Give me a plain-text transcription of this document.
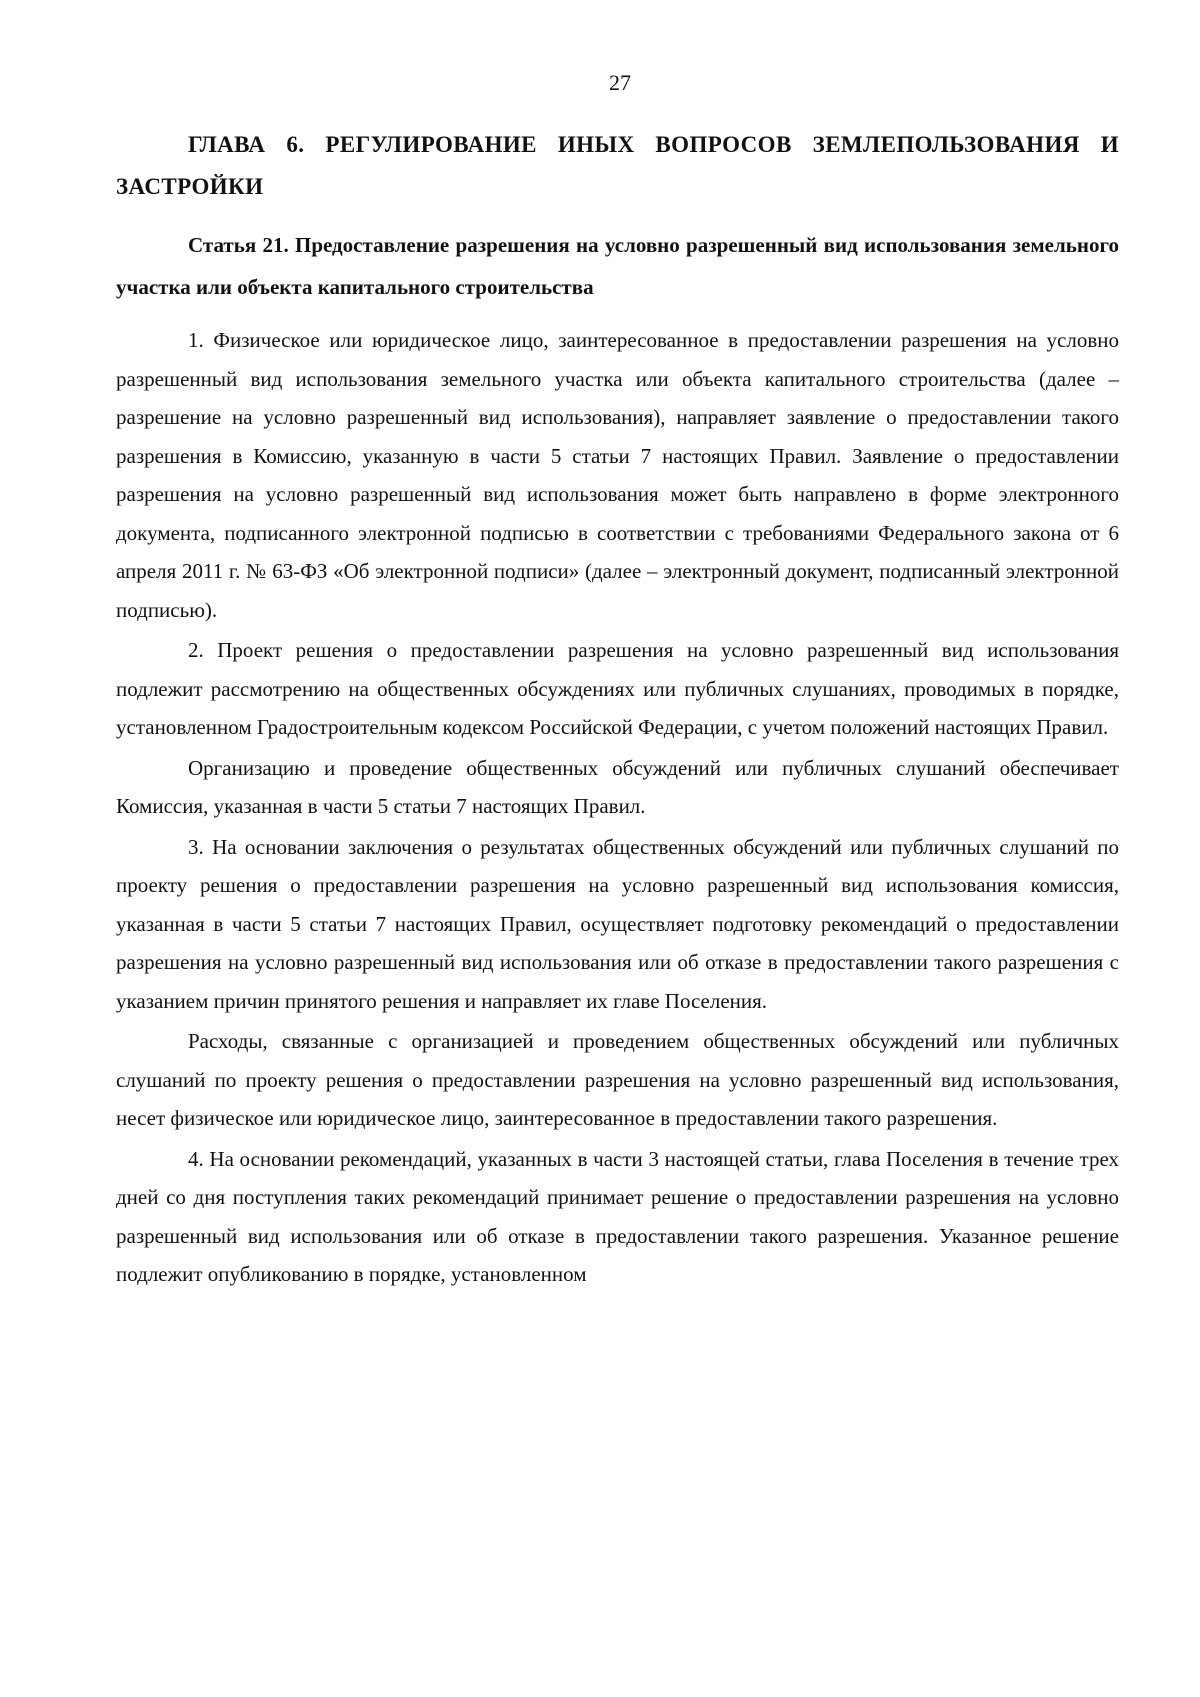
27

ГЛАВА 6. РЕГУЛИРОВАНИЕ ИНЫХ ВОПРОСОВ ЗЕМЛЕПОЛЬЗОВАНИЯ И ЗАСТРОЙКИ

Статья 21. Предоставление разрешения на условно разрешенный вид использования земельного участка или объекта капитального строительства

1. Физическое или юридическое лицо, заинтересованное в предоставлении разрешения на условно разрешенный вид использования земельного участка или объекта капитального строительства (далее – разрешение на условно разрешенный вид использования), направляет заявление о предоставлении такого разрешения в Комиссию, указанную в части 5 статьи 7 настоящих Правил. Заявление о предоставлении разрешения на условно разрешенный вид использования может быть направлено в форме электронного документа, подписанного электронной подписью в соответствии с требованиями Федерального закона от 6 апреля 2011 г. № 63-ФЗ «Об электронной подписи» (далее – электронный документ, подписанный электронной подписью).

2. Проект решения о предоставлении разрешения на условно разрешенный вид использования подлежит рассмотрению на общественных обсуждениях или публичных слушаниях, проводимых в порядке, установленном Градостроительным кодексом Российской Федерации, с учетом положений настоящих Правил.

Организацию и проведение общественных обсуждений или публичных слушаний обеспечивает Комиссия, указанная в части 5 статьи 7 настоящих Правил.

3. На основании заключения о результатах общественных обсуждений или публичных слушаний по проекту решения о предоставлении разрешения на условно разрешенный вид использования комиссия, указанная в части 5 статьи 7 настоящих Правил, осуществляет подготовку рекомендаций о предоставлении разрешения на условно разрешенный вид использования или об отказе в предоставлении такого разрешения с указанием причин принятого решения и направляет их главе Поселения.

Расходы, связанные с организацией и проведением общественных обсуждений или публичных слушаний по проекту решения о предоставлении разрешения на условно разрешенный вид использования, несет физическое или юридическое лицо, заинтересованное в предоставлении такого разрешения.

4. На основании рекомендаций, указанных в части 3 настоящей статьи, глава Поселения в течение трех дней со дня поступления таких рекомендаций принимает решение о предоставлении разрешения на условно разрешенный вид использования или об отказе в предоставлении такого разрешения. Указанное решение подлежит опубликованию в порядке, установленном
